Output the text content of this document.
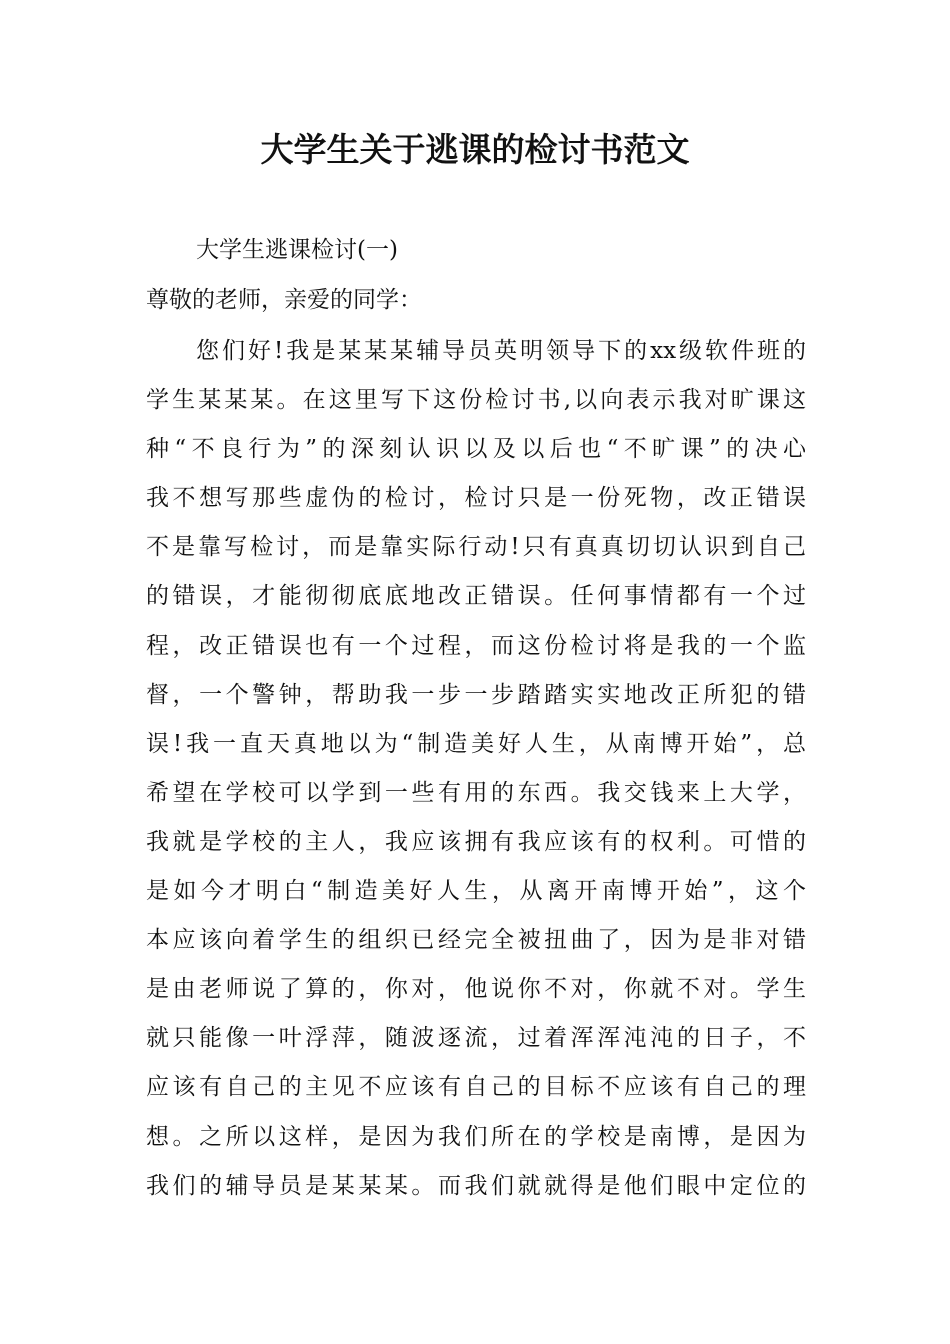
大学生关于逃课的检讨书范文

大学生逃课检讨(一)

尊敬的老师，亲爱的同学：

您们好!我是某某某辅导员英明领导下的xx级软件班的
学生某某某。在这里写下这份检讨书,以向表示我对旷课这
种“不良行为”的深刻认识以及以后也“不旷课”的决心
我不想写那些虚伪的检讨，检讨只是一份死物，改正错误
不是靠写检讨，而是靠实际行动!只有真真切切认识到自己
的错误，才能彻彻底底地改正错误。任何事情都有一个过
程，改正错误也有一个过程，而这份检讨将是我的一个监
督，一个警钟，帮助我一步一步踏踏实实地改正所犯的错
误!我一直天真地以为“制造美好人生，从南博开始”，总
希望在学校可以学到一些有用的东西。我交钱来上大学，
我就是学校的主人，我应该拥有我应该有的权利。可惜的
是如今才明白“制造美好人生，从离开南博开始”，这个
本应该向着学生的组织已经完全被扭曲了，因为是非对错
是由老师说了算的，你对，他说你不对，你就不对。学生
就只能像一叶浮萍，随波逐流，过着浑浑沌沌的日子，不
应该有自己的主见不应该有自己的目标不应该有自己的理
想。之所以这样，是因为我们所在的学校是南博，是因为
我们的辅导员是某某某。而我们就就得是他们眼中定位的
